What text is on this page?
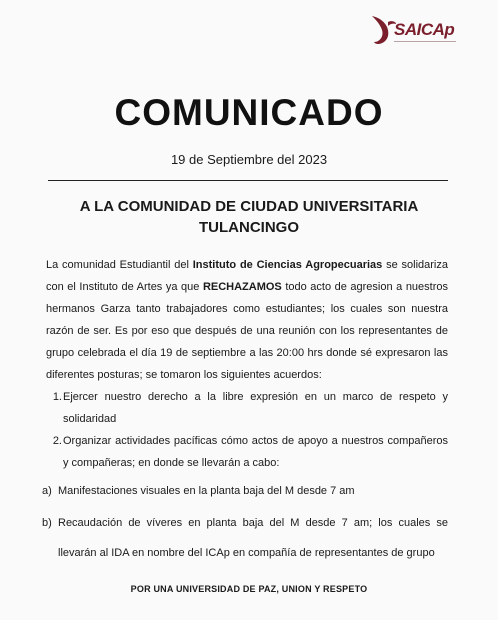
SAICAp
COMUNICADO
19 de Septiembre del 2023
A LA COMUNIDAD DE CIUDAD UNIVERSITARIA
TULANCINGO

La comunidad Estudiantil del Instituto de Ciencias Agropecuarias se solidariza con el Instituto de Artes ya que RECHAZAMOS todo acto de agresion a nuestros hermanos Garza tanto trabajadores como estudiantes; los cuales son nuestra razón de ser. Es por eso que después de una reunión con los representantes de grupo celebrada el día 19 de septiembre a las 20:00 hrs donde sé expresaron las diferentes posturas; se tomaron los siguientes acuerdos:

1. Ejercer nuestro derecho a la libre expresión en un marco de respeto y solidaridad
2. Organizar actividades pacíficas cómo actos de apoyo a nuestros compañeros y compañeras; en donde se llevarán a cabo:
a) Manifestaciones visuales en la planta baja del M desde 7 am
b) Recaudación de víveres en planta baja del M desde 7 am; los cuales se llevarán al IDA en nombre del ICAp en compañía de representantes de grupo
POR UNA UNIVERSIDAD DE PAZ, UNION Y RESPETO
